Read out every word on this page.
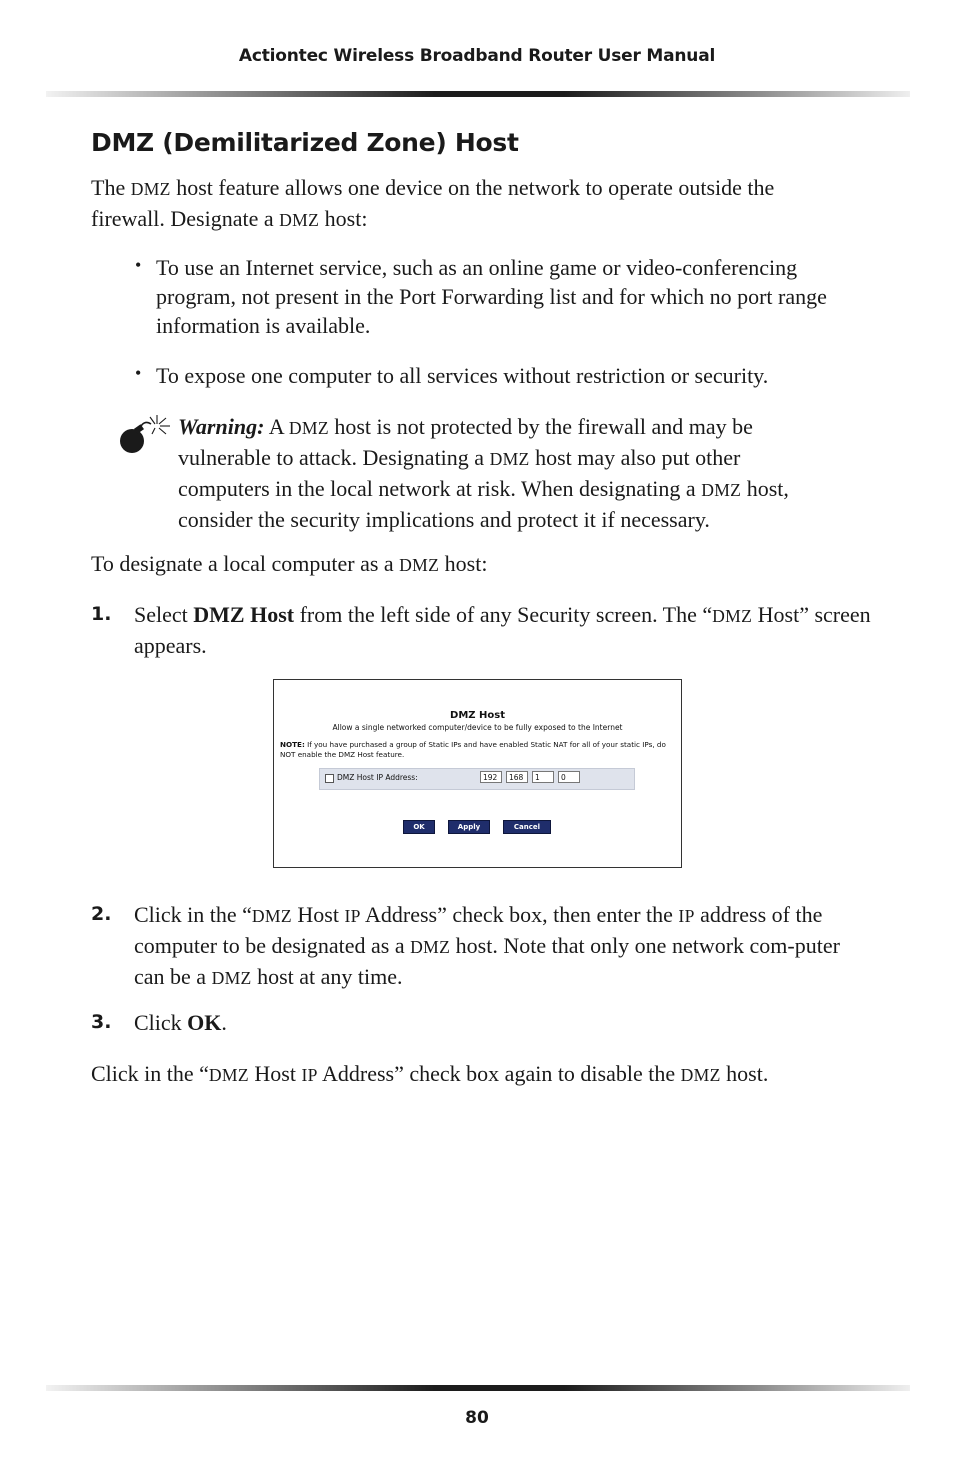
Actiontec Wireless Broadband Router User Manual
DMZ (Demilitarized Zone) Host
The DMZ host feature allows one device on the network to operate outside the firewall. Designate a DMZ host:
• To use an Internet service, such as an online game or video-conferencing program, not present in the Port Forwarding list and for which no port range information is available.
• To expose one computer to all services without restriction or security.
Warning: A DMZ host is not protected by the firewall and may be vulnerable to attack. Designating a DMZ host may also put other computers in the local network at risk. When designating a DMZ host, consider the security implications and protect it if necessary.
To designate a local computer as a DMZ host:
1. Select DMZ Host from the left side of any Security screen. The “DMZ Host” screen appears.
DMZ Host
Allow a single networked computer/device to be fully exposed to the Internet
NOTE: If you have purchased a group of Static IPs and have enabled Static NAT for all of your static IPs, do NOT enable the DMZ Host feature.
DMZ Host IP Address:	192	168	1	0
OK	Apply	Cancel
2. Click in the “DMZ Host IP Address” check box, then enter the IP address of the computer to be designated as a DMZ host. Note that only one network com-puter can be a DMZ host at any time.
3. Click OK.
Click in the “DMZ Host IP Address” check box again to disable the DMZ host.
80
